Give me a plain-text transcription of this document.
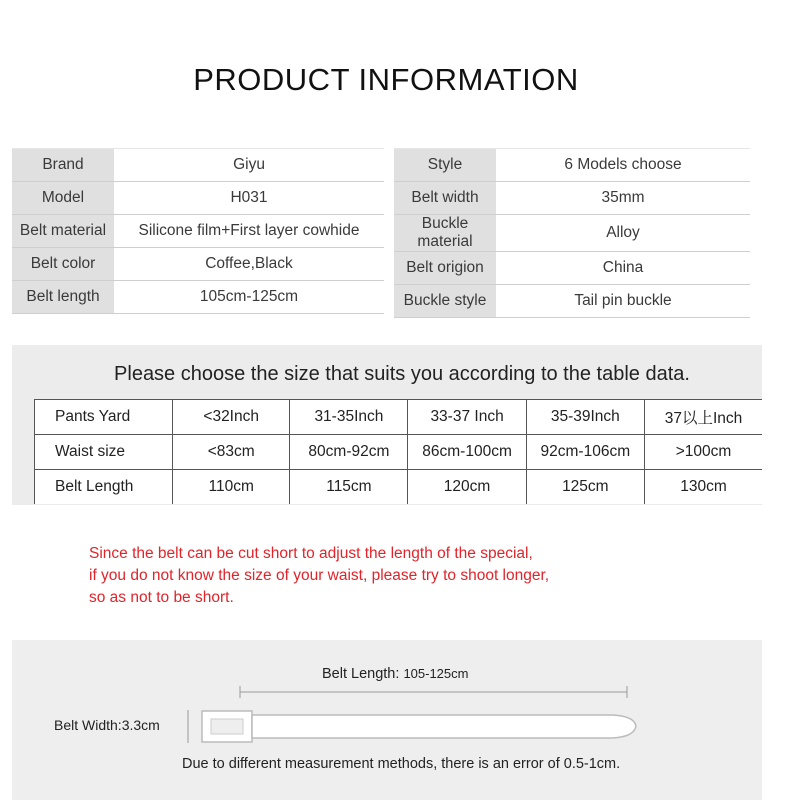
PRODUCT INFORMATION
Brand	Giyu
Model	H031
Belt material	Silicone film+First layer cowhide
Belt color	Coffee,Black
Belt length	105cm-125cm
Style	6 Models choose
Belt width	35mm
Buckle material	Alloy
Belt origion	China
Buckle style	Tail pin buckle
Please choose the size that suits you according to the table data.
Pants Yard	<32Inch	31-35Inch	33-37 Inch	35-39Inch	37以上Inch
Waist size	<83cm	80cm-92cm	86cm-100cm	92cm-106cm	>100cm
Belt Length	110cm	115cm	120cm	125cm	130cm
Since the belt can be cut short to adjust the length of the special,
if you do not know the size of your waist, please try to shoot longer,
so as not to be short.
Belt Length: 105-125cm
Belt Width:3.3cm
Due to different measurement methods, there is an error of 0.5-1cm.
